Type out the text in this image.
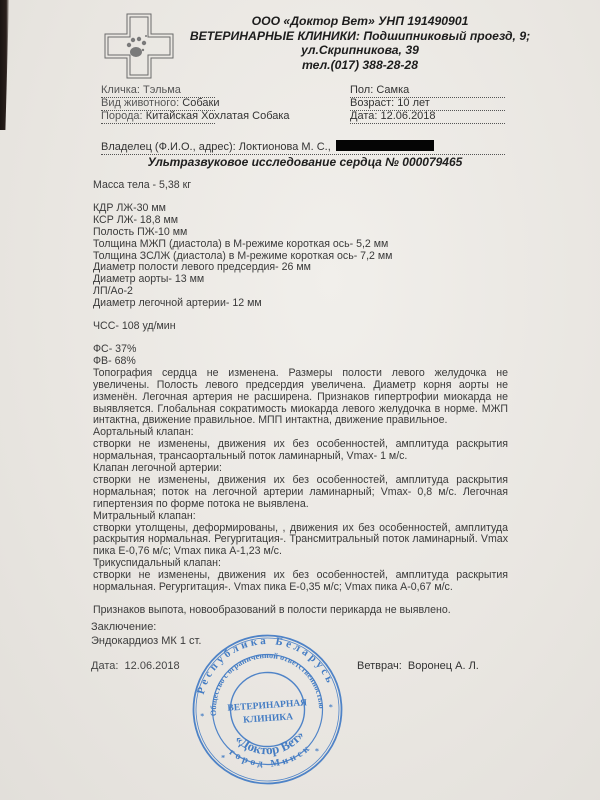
ООО «Доктор Вет» УНП 191490901
ВЕТЕРИНАРНЫЕ КЛИНИКИ: Подшипниковый проезд, 9;
ул.Скрипникова, 39
тел.(017) 388-28-28
Кличка: Тэльма
Вид животного: Собаки
Порода: Китайская Хохлатая Собака
Пол: Самка
Возраст: 10 лет
Дата: 12.06.2018
Владелец (Ф.И.О., адрес): Локтионова М. С.,
Ультразвуковое исследование сердца № 000079465
Масса тела - 5,38 кг
КДР ЛЖ-30 мм
КСР ЛЖ- 18,8 мм
Полость ПЖ-10 мм
Толщина МЖП (диастола) в М-режиме короткая ось- 5,2 мм
Толщина ЗСЛЖ (диастола) в М-режиме короткая ось- 7,2 мм
Диаметр полости левого предсердия- 26 мм
Диаметр аорты- 13 мм
ЛП/Ао-2
Диаметр легочной артерии- 12 мм
ЧСС- 108 уд/мин
ФС- 37%
ФВ- 68%
Топография сердца не изменена. Размеры полости левого желудочка не увеличены. Полость левого предсердия увеличена. Диаметр корня аорты не изменён. Легочная артерия не расширена. Признаков гипертрофии миокарда не выявляется. Глобальная сократимость миокарда левого желудочка в норме. МЖП интактна, движение правильное. МПП интактна, движение правильное.
Аортальный клапан:
створки не изменены, движения их без особенностей, амплитуда раскрытия нормальная, трансаортальный поток ламинарный, Vmax- 1 м/с.
Клапан легочной артерии:
створки не изменены, движения их без особенностей, амплитуда раскрытия нормальная; поток на легочной артерии ламинарный; Vmax- 0,8 м/с. Легочная гипертензия по форме потока не выявлена.
Митральный клапан:
створки утолщены, деформированы, , движения их без особенностей, амплитуда раскрытия нормальная. Регургитация-. Трансмитральный поток ламинарный. Vmax пика Е-0,76 м/с; Vmax пика А-1,23 м/с.
Трикуспидальный клапан:
створки не изменены, движения их без особенностей, амплитуда раскрытия нормальная. Регургитация-. Vmax пика Е-0,35 м/с; Vmax пика А-0,67 м/с.
Признаков выпота, новообразований в полости перикарда не выявлено.
Заключение:
Эндокардиоз МК 1 ст.
Дата: 12.06.2018	Ветврач: Воронец А. Л.
Республика Беларусь
город Минск
Общество с ограниченной ответственностью
«Доктор Вет»
ВЕТЕРИНАРНАЯ
КЛИНИКА
*
*
*
*
